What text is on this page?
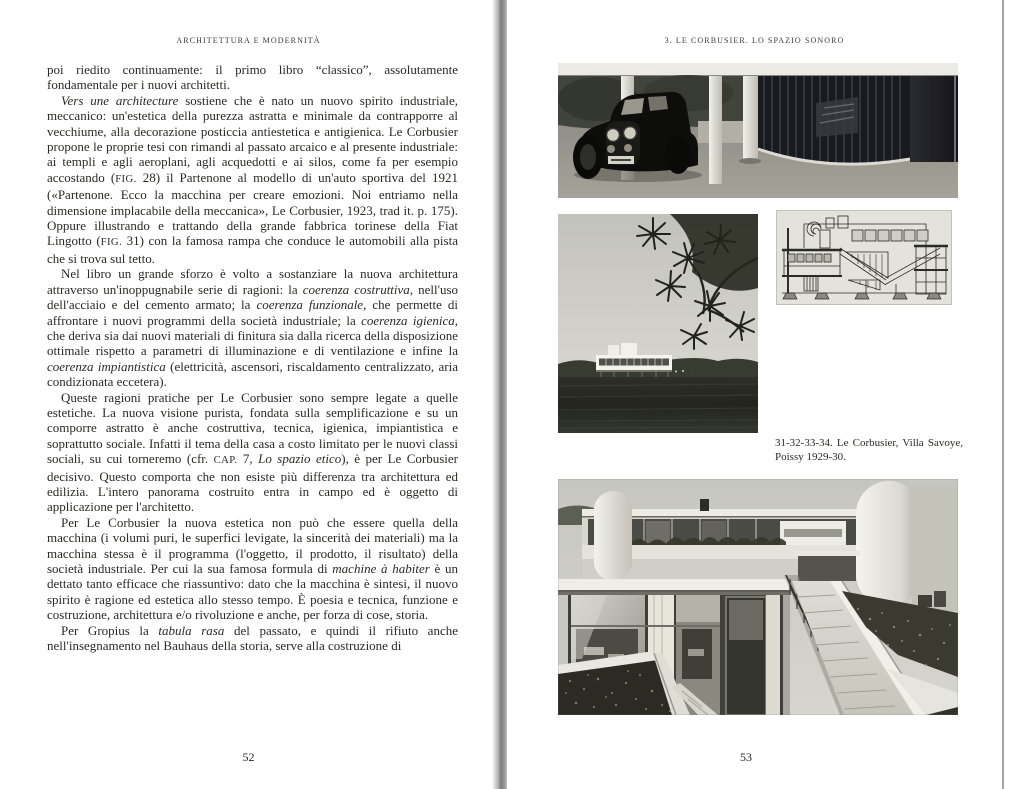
ARCHITETTURA E MODERNITÀ

poi riedito continuamente: il primo libro “classico”, assolutamente fondamentale per i nuovi architetti.

Vers une architecture sostiene che è nato un nuovo spirito industriale, meccanico: un'estetica della purezza astratta e minimale da contrapporre al vecchiume, alla decorazione posticcia antiestetica e antigienica. Le Corbusier propone le proprie tesi con rimandi al passato arcaico e al presente industriale: ai templi e agli aeroplani, agli acquedotti e ai silos, come fa per esempio accostando (FIG. 28) il Partenone al modello di un'auto sportiva del 1921 («Partenone. Ecco la macchina per creare emozioni. Noi entriamo nella dimensione implacabile della meccanica», Le Corbusier, 1923, trad it. p. 175). Oppure illustrando e trattando della grande fabbrica torinese della Fiat Lingotto (FIG. 31) con la famosa rampa che conduce le automobili alla pista che si trova sul tetto.

Nel libro un grande sforzo è volto a sostanziare la nuova architettura attraverso un'inoppugnabile serie di ragioni: la coerenza costruttiva, nell'uso dell'acciaio e del cemento armato; la coerenza funzionale, che permette di affrontare i nuovi programmi della società industriale; la coerenza igienica, che deriva sia dai nuovi materiali di finitura sia dalla ricerca della disposizione ottimale rispetto a parametri di illuminazione e di ventilazione e infine la coerenza impiantistica (elettricità, ascensori, riscaldamento centralizzato, aria condizionata eccetera).

Queste ragioni pratiche per Le Corbusier sono sempre legate a quelle estetiche. La nuova visione purista, fondata sulla semplificazione e su un comporre astratto è anche costruttiva, tecnica, igienica, impiantistica e soprattutto sociale. Infatti il tema della casa a costo limitato per le nuovi classi sociali, su cui torneremo (cfr. CAP. 7, Lo spazio etico), è per Le Corbusier decisivo. Questo comporta che non esiste più differenza tra architettura ed edilizia. L'intero panorama costruito entra in campo ed è oggetto di applicazione per l'architetto.

Per Le Corbusier la nuova estetica non può che essere quella della macchina (i volumi puri, le superfici levigate, la sincerità dei materiali) ma la macchina stessa è il programma (l'oggetto, il prodotto, il risultato) della società industriale. Per cui la sua famosa formula di machine à habiter è un dettato tanto efficace che riassuntivo: dato che la macchina è sintesi, il nuovo spirito è ragione ed estetica allo stesso tempo. È poesia e tecnica, funzione e costruzione, architettura e/o rivoluzione e anche, per forza di cose, storia.

Per Gropius la tabula rasa del passato, e quindi il rifiuto anche nell'insegnamento nel Bauhaus della storia, serve alla costruzione di

52
3. LE CORBUSIER. LO SPAZIO SONORO
53
31-32-33-34. Le Corbusier, Villa Savoye, Poissy 1929-30.
